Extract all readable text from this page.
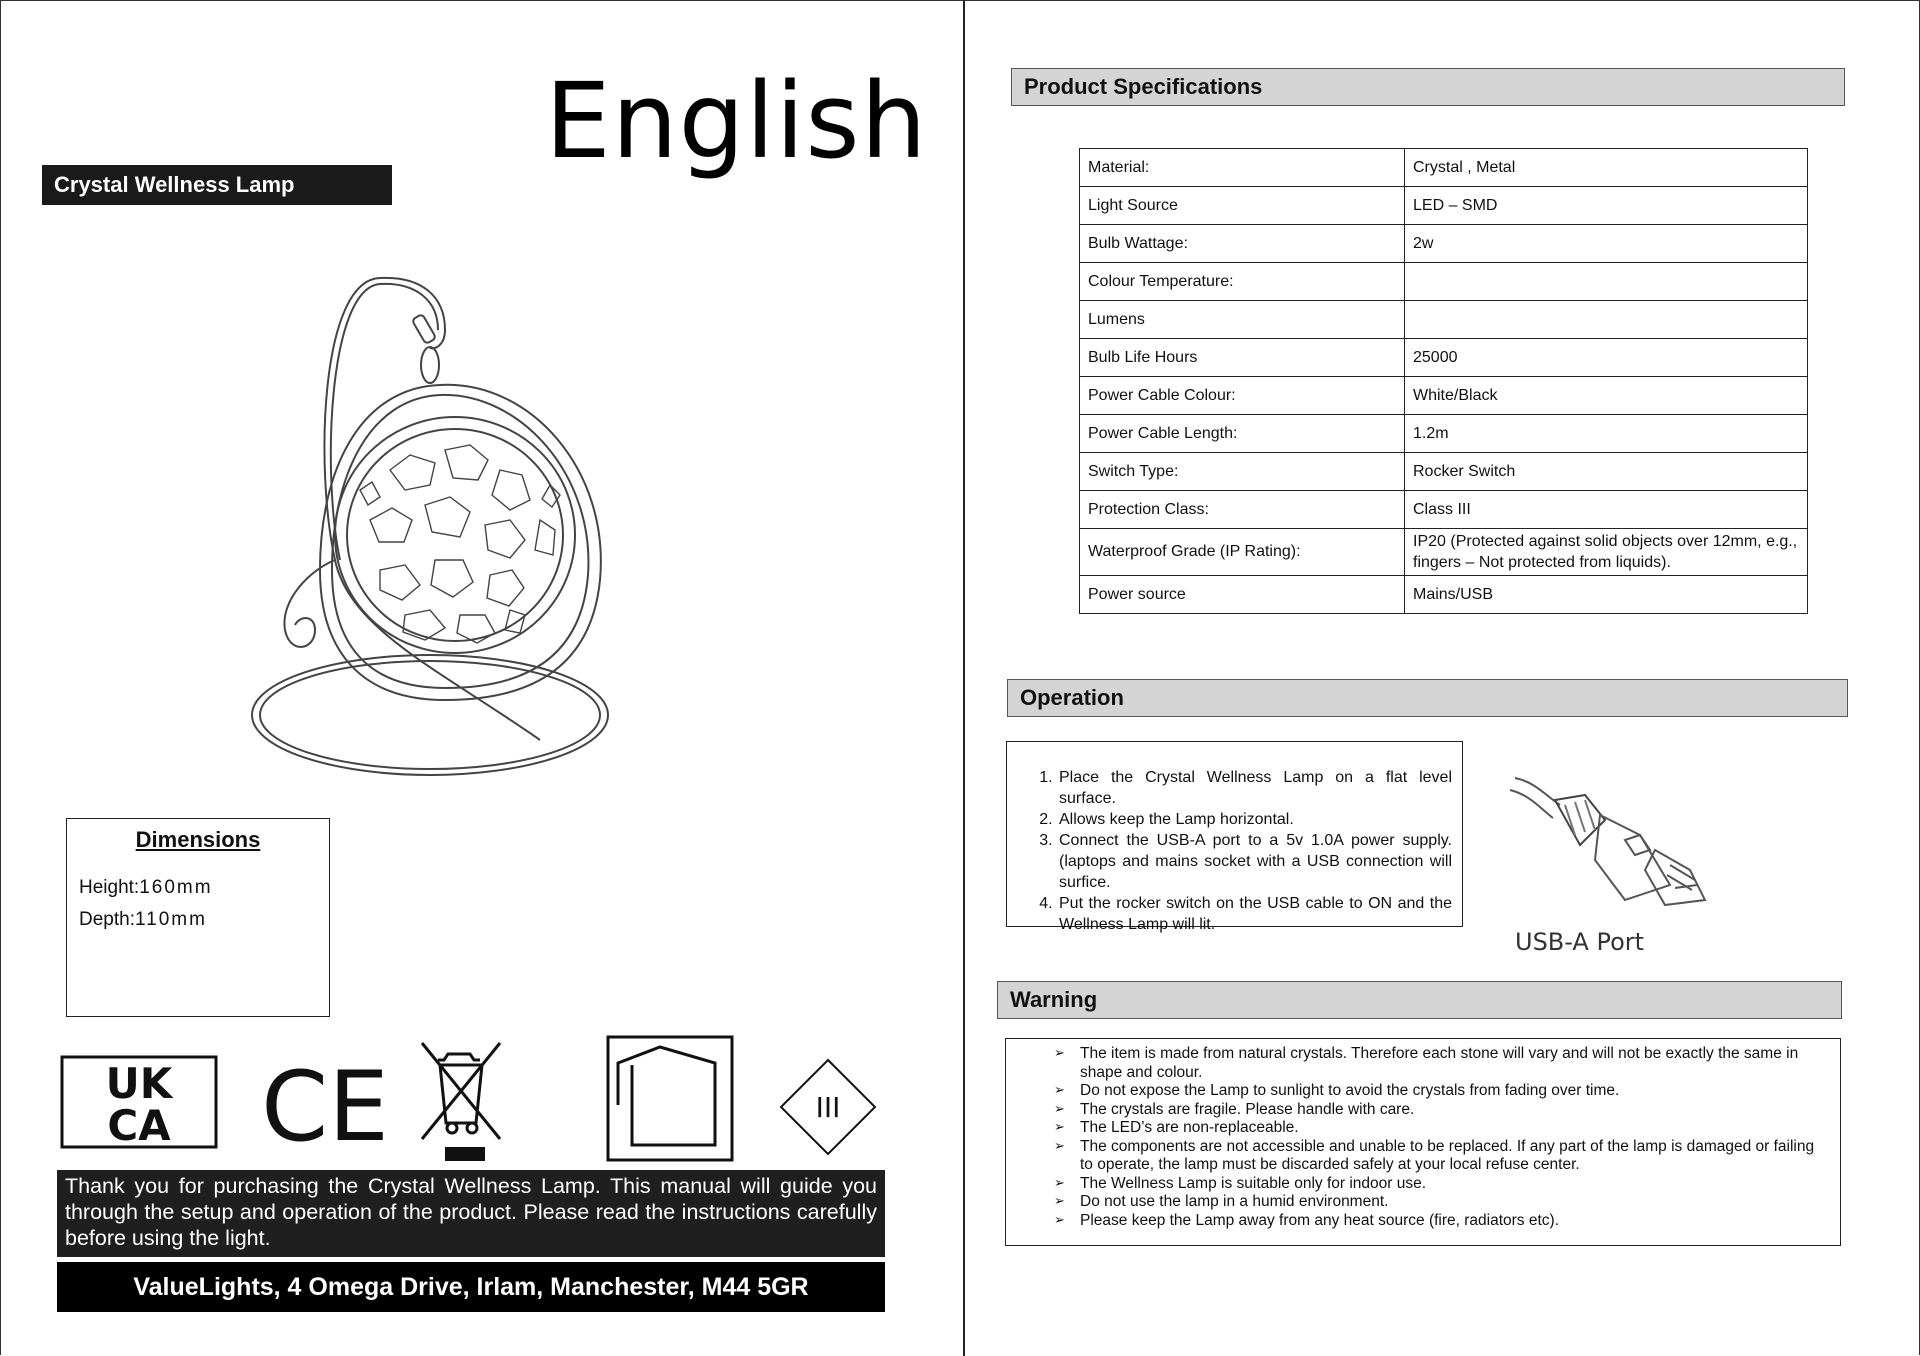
English
Crystal Wellness Lamp
Dimensions
Height:160mm
Depth:110mm
UK
CA CE	III
Thank you for purchasing the Crystal Wellness Lamp. This manual will guide you through the setup and operation of the product. Please read the instructions carefully before using the light.
ValueLights, 4 Omega Drive, Irlam, Manchester, M44 5GR
Product Specifications
Material:	Crystal , Metal
Light Source	LED – SMD
Bulb Wattage:	2w
Colour Temperature:	
Lumens	
Bulb Life Hours	25000
Power Cable Colour:	White/Black
Power Cable Length:	1.2m
Switch Type:	Rocker Switch
Protection Class:	Class III
Waterproof Grade (IP Rating):	IP20 (Protected against solid objects over 12mm, e.g., fingers – Not protected from liquids).
Power source	Mains/USB
Operation
1. Place the Crystal Wellness Lamp on a flat level surface.
2. Allows keep the Lamp horizontal.
3. Connect the USB-A port to a 5v 1.0A power supply. (laptops and mains socket with a USB connection will surfice.
4. Put the rocker switch on the USB cable to ON and the Wellness Lamp will lit.
USB-A Port
Warning
➢ The item is made from natural crystals. Therefore each stone will vary and will not be exactly the same in shape and colour.
➢ Do not expose the Lamp to sunlight to avoid the crystals from fading over time.
➢ The crystals are fragile. Please handle with care.
➢ The LED’s are non-replaceable.
➢ The components are not accessible and unable to be replaced. If any part of the lamp is damaged or failing to operate, the lamp must be discarded safely at your local refuse center.
➢ The Wellness Lamp is suitable only for indoor use.
➢ Do not use the lamp in a humid environment.
➢ Please keep the Lamp away from any heat source (fire, radiators etc).
